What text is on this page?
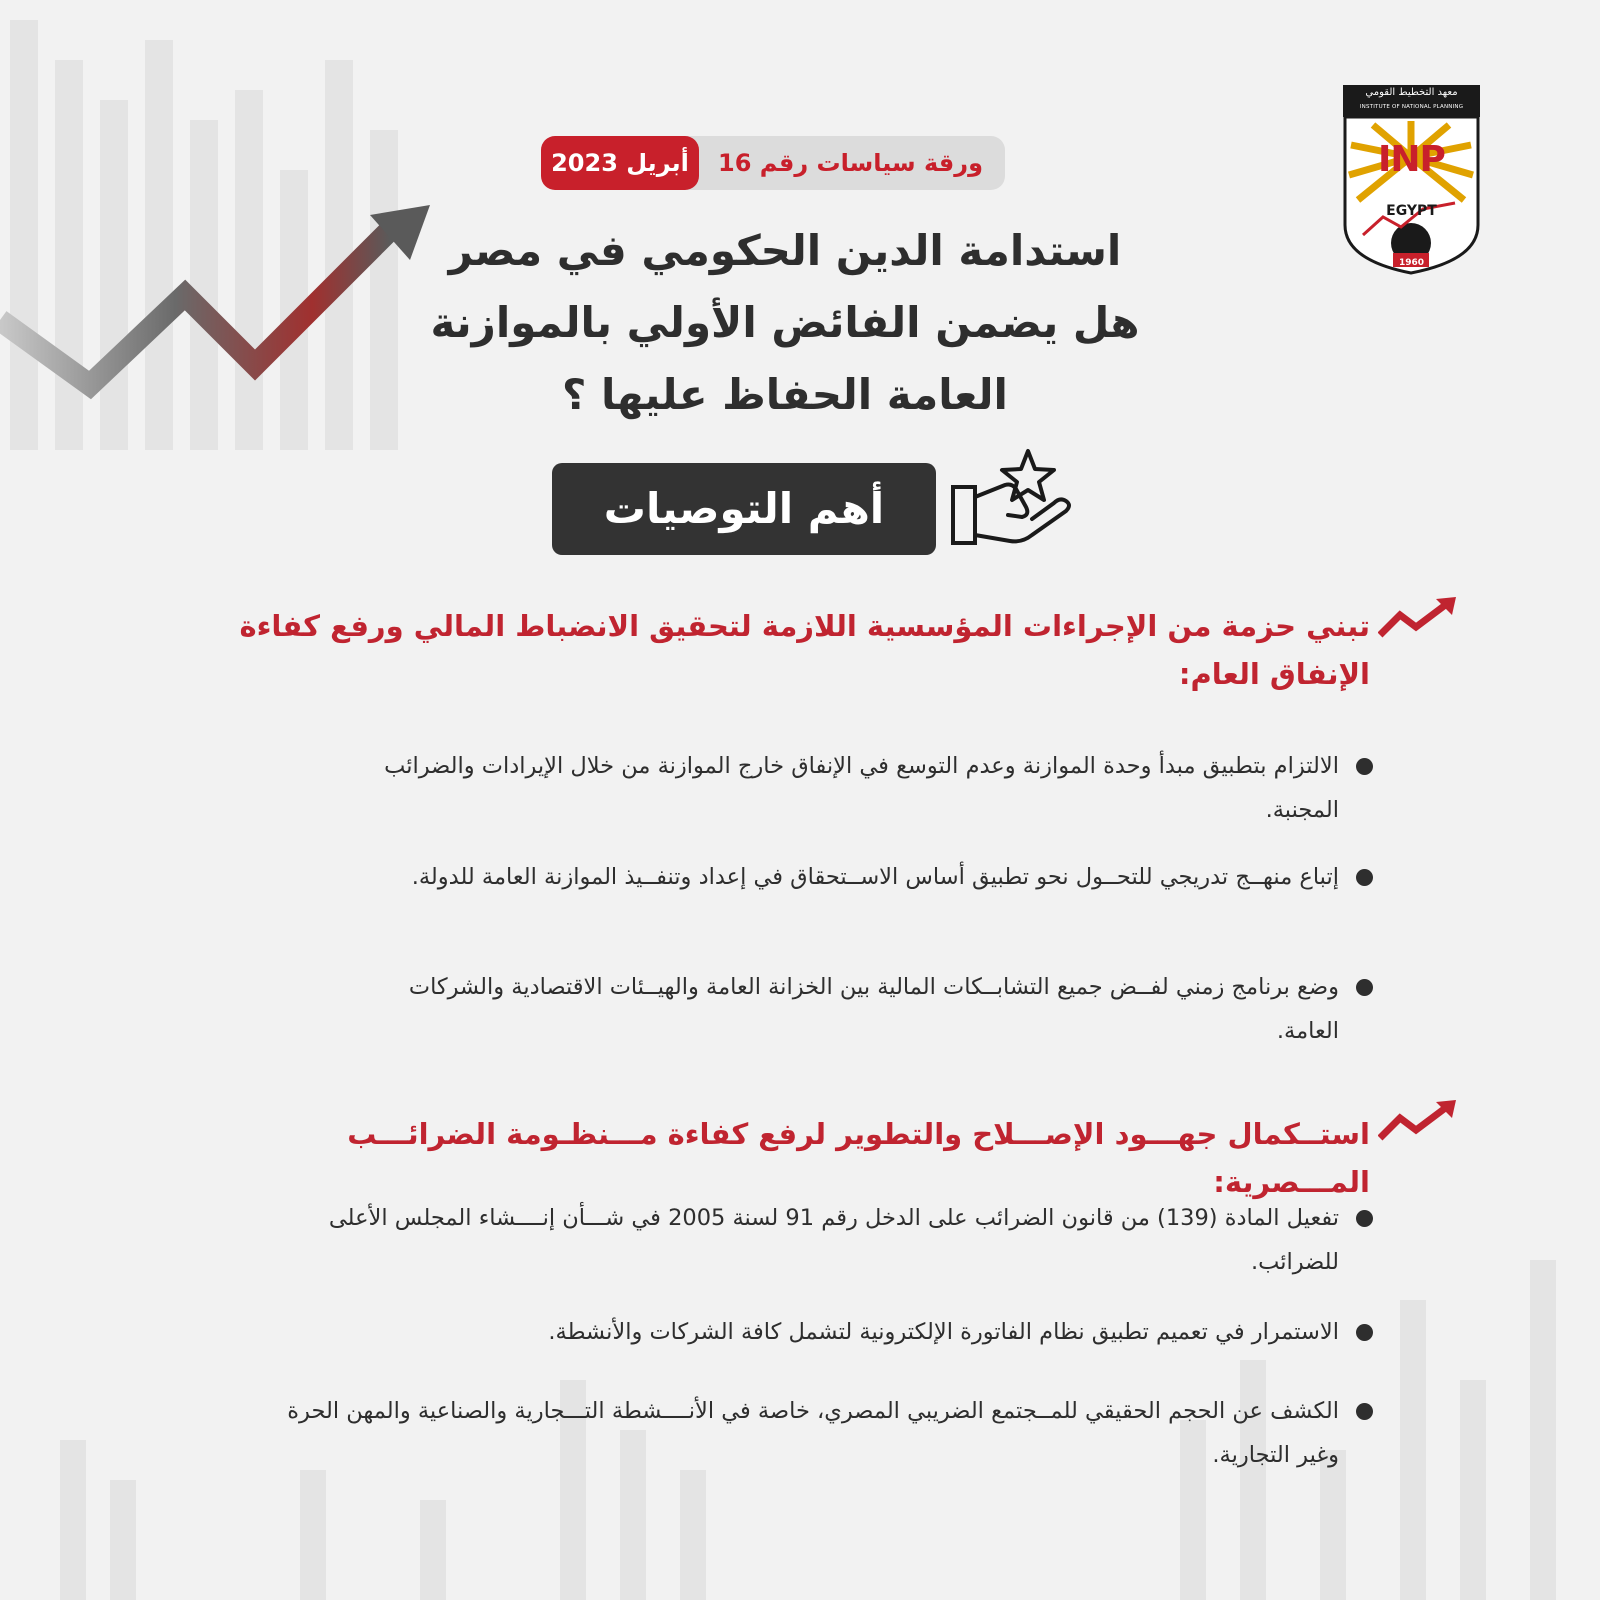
معهد التخطيط القومي
INSTITUTE OF NATIONAL PLANNING
INP
EGYPT
1960
ورقة سياسات رقم 16
أبريل 2023
استدامة الدين الحكومي في مصر
هل يضمن الفائض الأولي بالموازنة
العامة الحفاظ عليها ؟
أهم التوصيات
تبني حزمة من الإجراءات المؤسسية اللازمة لتحقيق الانضباط المالي ورفع كفاءة
الإنفاق العام:
الالتزام بتطبيق مبدأ وحدة الموازنة وعدم التوسع في الإنفاق خارج الموازنة من خلال الإيرادات والضرائب المجنبة.
إتباع منهــج تدريجي للتحــول نحو تطبيق أساس الاســتحقاق في إعداد وتنفــيذ الموازنة العامة للدولة.
وضع برنامج زمني لفــض جميع التشابــكات المالية بين الخزانة العامة والهيــئات الاقتصادية والشركات العامة.
استــكمال جهـــود الإصـــلاح والتطوير لرفع كفاءة مـــنظـومة الضرائـــب المـــصرية:
تفعيل المادة (139) من قانون الضرائب على الدخل رقم 91 لسنة 2005 في شـــأن إنــــشاء المجلس الأعلى للضرائب.
الاستمرار في تعميم تطبيق نظام الفاتورة الإلكترونية لتشمل كافة الشركات والأنشطة.
الكشف عن الحجم الحقيقي للمــجتمع الضريبي المصري، خاصة في الأنــــشطة التـــجارية والصناعية والمهن الحرة وغير التجارية.
